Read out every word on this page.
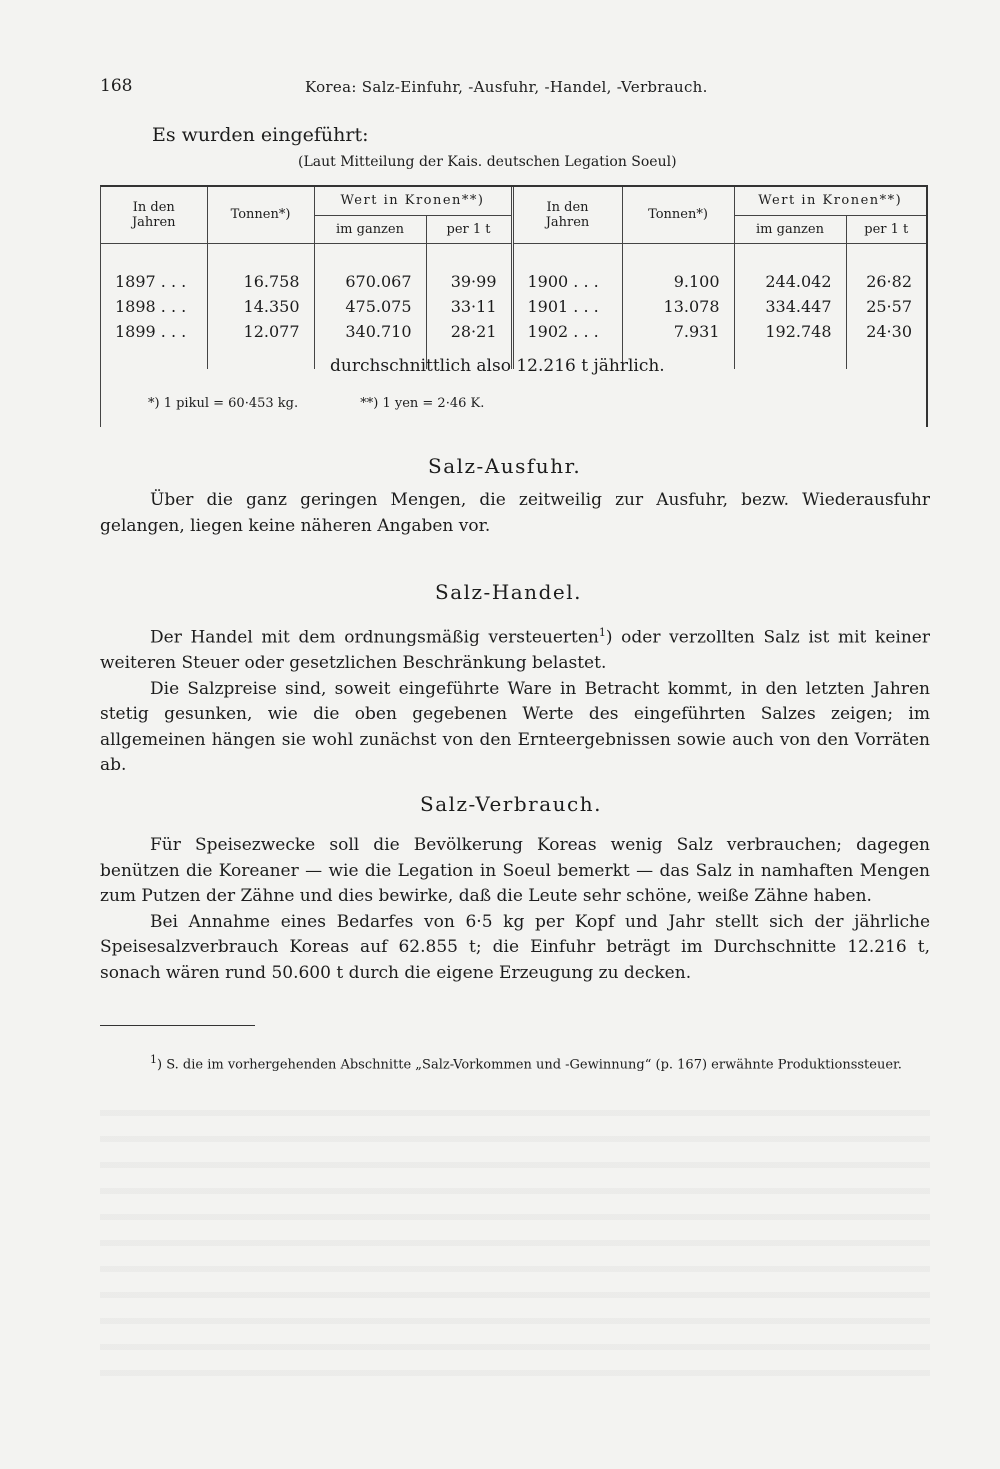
168	Korea: Salz-Einfuhr, -Ausfuhr, -Handel, -Verbrauch.
Es wurden eingeführt:
(Laut Mitteilung der Kais. deutschen Legation Soeul)
In den Jahren	Tonnen*)	Wert in Kronen**)		In den Jahren	Tonnen*)	Wert in Kronen**)	
		im ganzen	per 1 t			im ganzen	per 1 t

1897 . . .	16.758	670.067	39·99	1900 . . .	9.100	244.042	26·82
1898 . . .	14.350	475.075	33·11	1901 . . .	13.078	334.447	25·57
1899 . . .	12.077	340.710	28·21	1902 . . .	7.931	192.748	24·30

durchschnittlich also 12.216 t jährlich.
*) 1 pikul = 60·453 kg.	**) 1 yen = 2·46 K.
Salz-Ausfuhr.

Über die ganz geringen Mengen, die zeitweilig zur Ausfuhr, bezw. Wiederausfuhr gelangen, liegen keine näheren Angaben vor.

Salz-Handel.

Der Handel mit dem ordnungsmäßig versteuerten$^1$) oder verzollten Salz ist mit keiner weiteren Steuer oder gesetzlichen Beschränkung belastet.

Die Salzpreise sind, soweit eingeführte Ware in Betracht kommt, in den letzten Jahren stetig gesunken, wie die oben gegebenen Werte des eingeführten Salzes zeigen; im allgemeinen hängen sie wohl zunächst von den Ernteergebnissen sowie auch von den Vorräten ab.

Salz-Verbrauch.

Für Speisezwecke soll die Bevölkerung Koreas wenig Salz verbrauchen; dagegen benützen die Koreaner — wie die Legation in Soeul bemerkt — das Salz in namhaften Mengen zum Putzen der Zähne und dies bewirke, daß die Leute sehr schöne, weiße Zähne haben.

Bei Annahme eines Bedarfes von 6·5 kg per Kopf und Jahr stellt sich der jährliche Speisesalzverbrauch Koreas auf 62.855 t; die Einfuhr beträgt im Durchschnitte 12.216 t, sonach wären rund 50.600 t durch die eigene Erzeugung zu decken.

$^1$) S. die im vorhergehenden Abschnitte „Salz-Vorkommen und -Gewinnung“ (p. 167) erwähnte Produktionssteuer.
